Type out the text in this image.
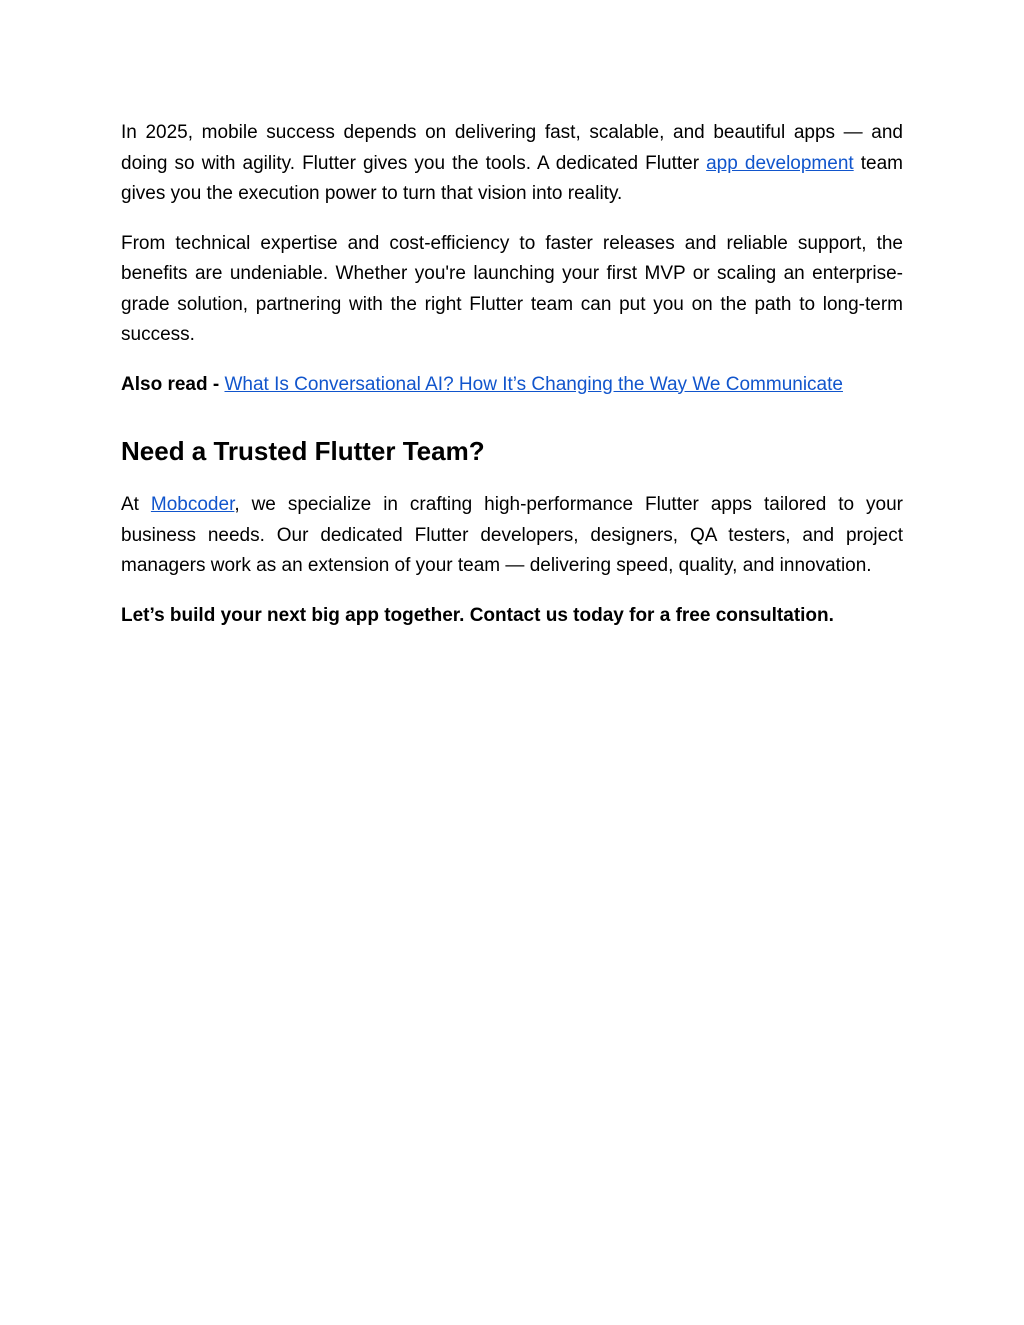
In 2025, mobile success depends on delivering fast, scalable, and beautiful apps — and doing so with agility. Flutter gives you the tools. A dedicated Flutter app development team gives you the execution power to turn that vision into reality.

From technical expertise and cost-efficiency to faster releases and reliable support, the benefits are undeniable. Whether you're launching your first MVP or scaling an enterprise-grade solution, partnering with the right Flutter team can put you on the path to long-term success.

Also read - What Is Conversational AI? How It’s Changing the Way We Communicate

Need a Trusted Flutter Team?

At Mobcoder, we specialize in crafting high-performance Flutter apps tailored to your business needs. Our dedicated Flutter developers, designers, QA testers, and project managers work as an extension of your team — delivering speed, quality, and innovation.

Let’s build your next big app together. Contact us today for a free consultation.
